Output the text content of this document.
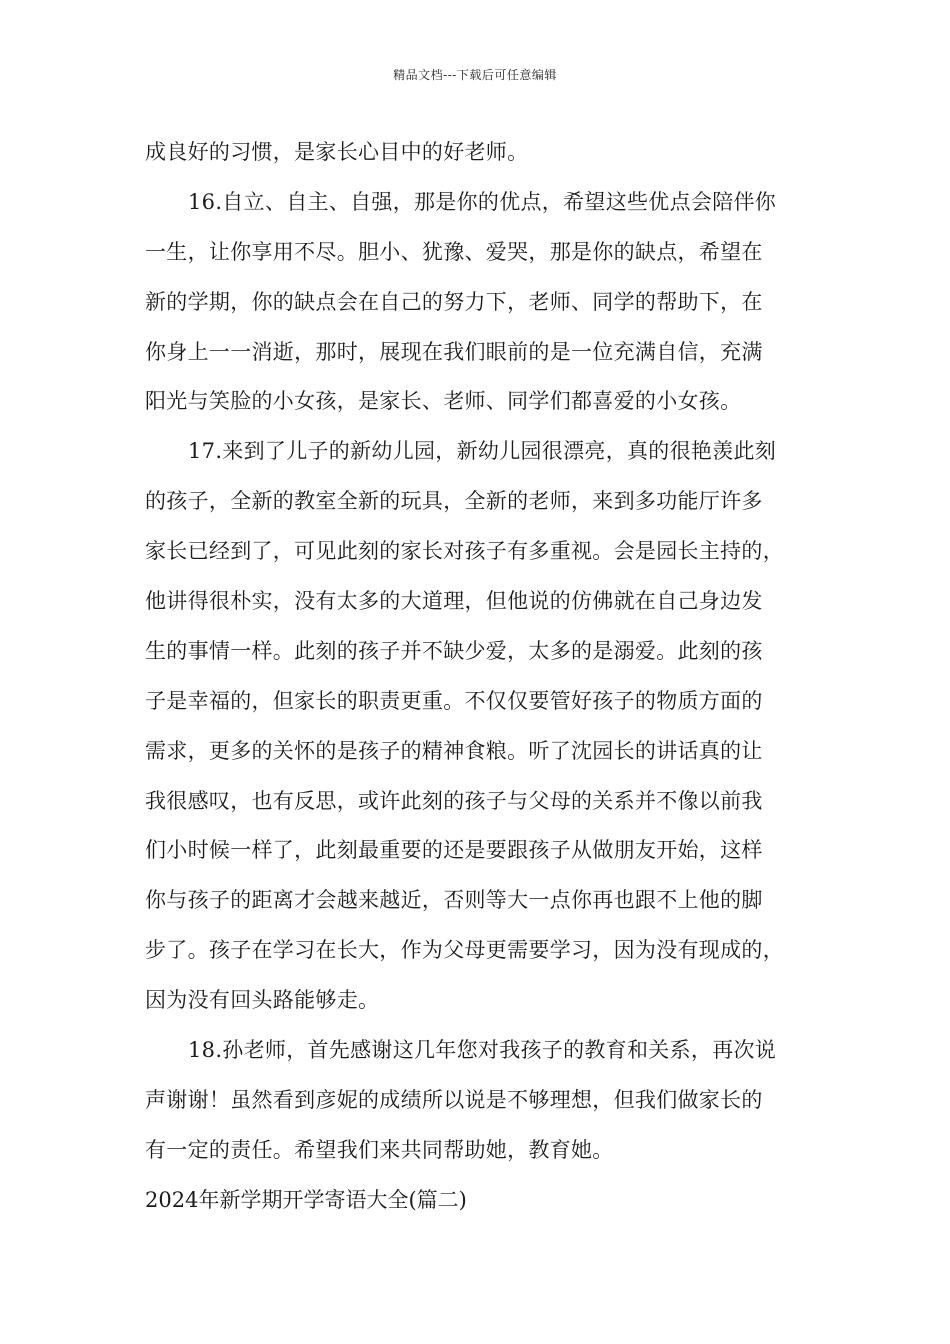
精品文档---下载后可任意编辑
成良好的习惯，是家长心目中的好老师。
16.自立、自主、自强，那是你的优点，希望这些优点会陪伴你
一生，让你享用不尽。胆小、犹豫、爱哭，那是你的缺点，希望在
新的学期，你的缺点会在自己的努力下，老师、同学的帮助下，在
你身上一一消逝，那时，展现在我们眼前的是一位充满自信，充满
阳光与笑脸的小女孩，是家长、老师、同学们都喜爱的小女孩。
17.来到了儿子的新幼儿园，新幼儿园很漂亮，真的很艳羡此刻
的孩子，全新的教室全新的玩具，全新的老师，来到多功能厅许多
家长已经到了，可见此刻的家长对孩子有多重视。会是园长主持的，
他讲得很朴实，没有太多的大道理，但他说的仿佛就在自己身边发
生的事情一样。此刻的孩子并不缺少爱，太多的是溺爱。此刻的孩
子是幸福的，但家长的职责更重。不仅仅要管好孩子的物质方面的
需求，更多的关怀的是孩子的精神食粮。听了沈园长的讲话真的让
我很感叹，也有反思，或许此刻的孩子与父母的关系并不像以前我
们小时候一样了，此刻最重要的还是要跟孩子从做朋友开始，这样
你与孩子的距离才会越来越近，否则等大一点你再也跟不上他的脚
步了。孩子在学习在长大，作为父母更需要学习，因为没有现成的，
因为没有回头路能够走。
18.孙老师，首先感谢这几年您对我孩子的教育和关系，再次说
声谢谢！虽然看到彦妮的成绩所以说是不够理想，但我们做家长的
有一定的责任。希望我们来共同帮助她，教育她。
2024年新学期开学寄语大全(篇二)
